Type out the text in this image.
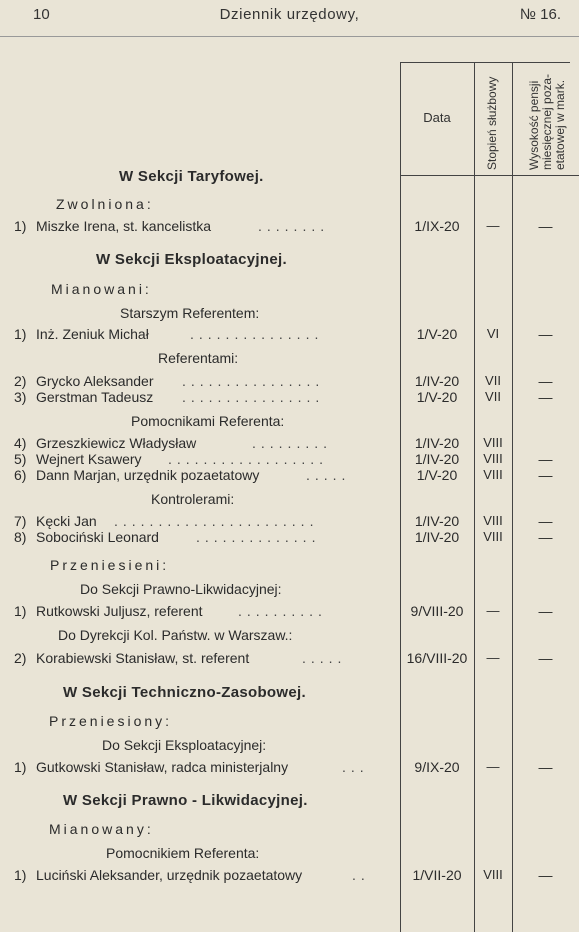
10	Dziennik urzędowy,	№ 16.
Data	Stopień służbowy Wysokość pensji miesięcznej poza- etatowej w mark.
W Sekcji Taryfowej.
Zwolniona:
1) Miszke Irena, st. kancelistka	........	1/IX-20	—	—
W Sekcji Eksploatacyjnej.
Mianowani:
Starszym Referentem:
1) Inż. Zeniuk Michał	...............	1/V-20	VI	—
Referentami:
2) Grycko Aleksander ................	1/IV-20	VII	—
3) Gerstman Tadeusz ................	1/V-20	VII	—
Pomocnikami Referenta:
4) Grzeszkiewicz Władysław	.........	1/IV-20	VIII
5) Wejnert Ksawery ..................	1/IV-20	VIII	—
6) Dann Marjan, urzędnik pozaetatowy	.....	1/V-20	VIII	—
Kontrolerami:
7) Kęcki Jan .......................	1/IV-20	VIII	—
8) Sobociński Leonard	..............	1/IV-20	VIII	—
Przeniesieni:
Do Sekcji Prawno-Likwidacyjnej:
1) Rutkowski Juljusz, referent	..........	9/VIII-20	—	—
Do Dyrekcji Kol. Państw. w Warszaw.:
2) Korabiewski Stanisław, st. referent	.....	16/VIII-20	—	—
W Sekcji Techniczno-Zasobowej.
Przeniesiony:
Do Sekcji Eksploatacyjnej:
1) Gutkowski Stanisław, radca ministerjalny	...	9/IX-20	—	—
W Sekcji Prawno - Likwidacyjnej.
Mianowany:
Pomocnikiem Referenta:
1) Luciński Aleksander, urzędnik pozaetatowy	..	1/VII-20	VIII	—
